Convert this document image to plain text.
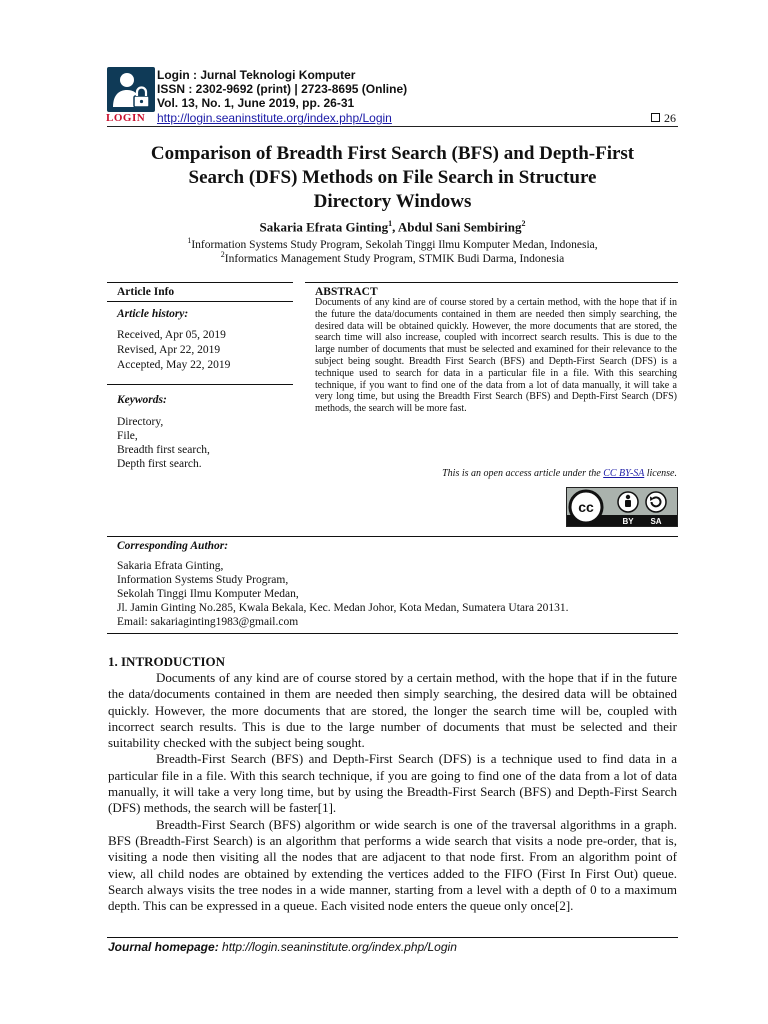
LOGIN
Login : Jurnal Teknologi Komputer
ISSN : 2302-9692 (print) | 2723-8695 (Online)
Vol. 13, No. 1, June 2019, pp. 26-31
http://login.seaninstitute.org/index.php/Login	26
Comparison of Breadth First Search (BFS) and Depth-First
Search (DFS) Methods on File Search in Structure
Directory Windows
Sakaria Efrata Ginting$^1$, Abdul Sani Sembiring$^2$
$^1$Information Systems Study Program, Sekolah Tinggi Ilmu Komputer Medan, Indonesia,
$^2$Informatics Management Study Program, STMIK Budi Darma, Indonesia
Article Info
Article history:
Received, Apr 05, 2019
Revised, Apr 22, 2019
Accepted, May 22, 2019
Keywords:
Directory,
File,
Breadth first search,
Depth first search.
ABSTRACT
Documents of any kind are of course stored by a certain method, with the hope that if in the future the data/documents contained in them are needed then simply searching, the desired data will be obtained quickly. However, the more documents that are stored, the search time will also increase, coupled with incorrect search results. This is due to the large number of documents that must be selected and examined for their relevance to the subject being sought. Breadth First Search (BFS) and Depth-First Search (DFS) is a technique used to search for data in a particular file in a file. With this searching technique, if you want to find one of the data from a lot of data manually, it will take a very long time, but using the Breadth First Search (BFS) and Depth-First Search (DFS) methods, the search will be more fast.
This is an open access article under the CC BY-SA license.
cc
BY SA
Corresponding Author:
Sakaria Efrata Ginting,
Information Systems Study Program,
Sekolah Tinggi Ilmu Komputer Medan,
Jl. Jamin Ginting No.285, Kwala Bekala, Kec. Medan Johor, Kota Medan, Sumatera Utara 20131.
Email: sakariaginting1983@gmail.com
1. INTRODUCTION

Documents of any kind are of course stored by a certain method, with the hope that if in the future the data/documents contained in them are needed then simply searching, the desired data will be obtained quickly. However, the more documents that are stored, the longer the search time will be, coupled with incorrect search results. This is due to the large number of documents that must be selected and their suitability checked with the subject being sought.

Breadth-First Search (BFS) and Depth-First Search (DFS) is a technique used to find data in a particular file in a file. With this search technique, if you are going to find one of the data from a lot of data manually, it will take a very long time, but by using the Breadth-First Search (BFS) and Depth-First Search (DFS) methods, the search will be faster[1].

Breadth-First Search (BFS) algorithm or wide search is one of the traversal algorithms in a graph. BFS (Breadth-First Search) is an algorithm that performs a wide search that visits a node pre-order, that is, visiting a node then visiting all the nodes that are adjacent to that node first. From an algorithm point of view, all child nodes are obtained by extending the vertices added to the FIFO (First In First Out) queue. Search always visits the tree nodes in a wide manner, starting from a level with a depth of 0 to a maximum depth. This can be expressed in a queue. Each visited node enters the queue only once[2].

Journal homepage: http://login.seaninstitute.org/index.php/Login
